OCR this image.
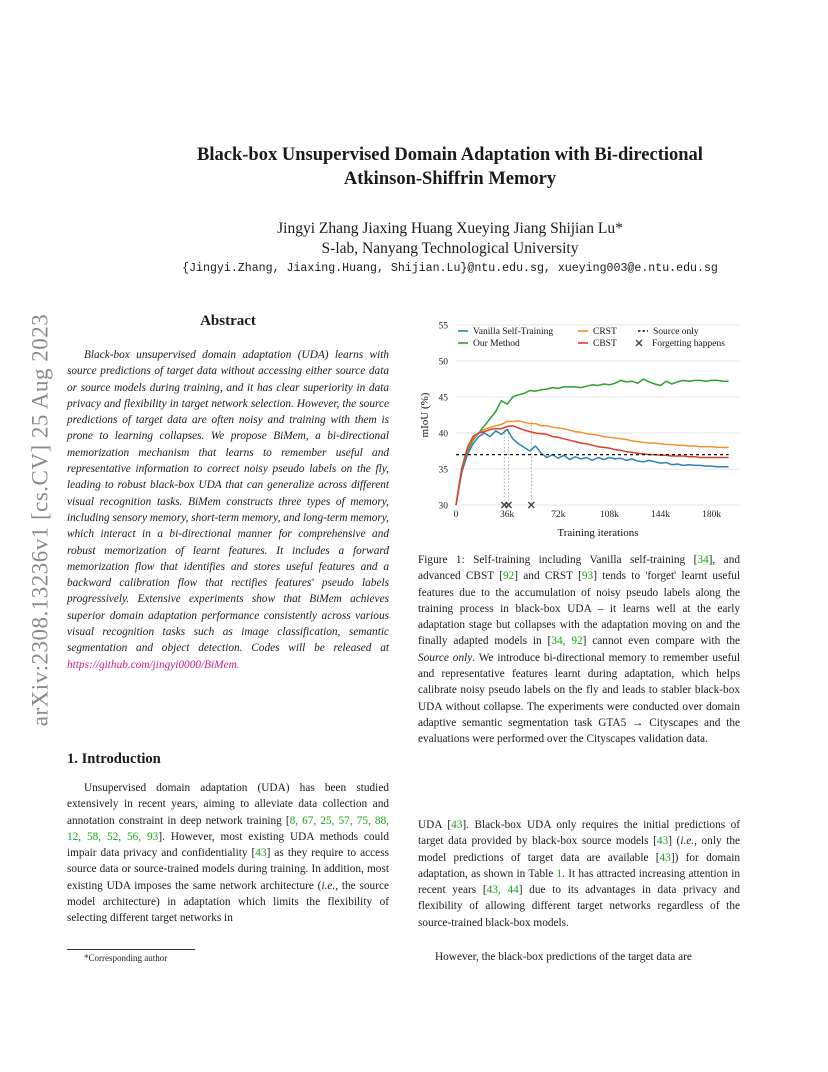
arXiv:2308.13236v1 [cs.CV] 25 Aug 2023
Black-box Unsupervised Domain Adaptation with Bi-directional
Atkinson-Shiffrin Memory
Jingyi Zhang Jiaxing Huang Xueying Jiang Shijian Lu*
S-lab, Nanyang Technological University
{Jingyi.Zhang, Jiaxing.Huang, Shijian.Lu}@ntu.edu.sg, xueying003@e.ntu.edu.sg
Abstract

Black-box unsupervised domain adaptation (UDA) learns with source predictions of target data without accessing either source data or source models during training, and it has clear superiority in data privacy and flexibility in target network selection. However, the source predictions of target data are often noisy and training with them is prone to learning collapses. We propose BiMem, a bi-directional memorization mechanism that learns to remember useful and representative information to correct noisy pseudo labels on the fly, leading to robust black-box UDA that can generalize across different visual recognition tasks. BiMem constructs three types of memory, including sensory memory, short-term memory, and long-term memory, which interact in a bi-directional manner for comprehensive and robust memorization of learnt features. It includes a forward memorization flow that identifies and stores useful features and a backward calibration flow that rectifies features' pseudo labels progressively. Extensive experiments show that BiMem achieves superior domain adaptation performance consistently across various visual recognition tasks such as image classification, semantic segmentation and object detection. Codes will be released at https://github.com/jingyi0000/BiMem.

1. Introduction

Unsupervised domain adaptation (UDA) has been studied extensively in recent years, aiming to alleviate data collection and annotation constraint in deep network training [8, 67, 25, 57, 75, 88, 12, 58, 52, 56, 93]. However, most existing UDA methods could impair data privacy and confidentiality [43] as they require to access source data or source-trained models during training. In addition, most existing UDA imposes the same network architecture (i.e., the source model architecture) in adaptation which limits the flexibility of selecting different target networks in

*Corresponding author
30
35
40
45
50
55
0	36k	72k	108k	144k	180k
Training iterations
mIoU (%)
Vanilla Self-Training	CRST	Source only
Our Method	CBST	Forgetting happens

Figure 1: Self-training including Vanilla self-training [34], and advanced CBST [92] and CRST [93] tends to 'forget' learnt useful features due to the accumulation of noisy pseudo labels along the training process in black-box UDA – it learns well at the early adaptation stage but collapses with the adaptation moving on and the finally adapted models in [34, 92] cannot even compare with the Source only. We introduce bi-directional memory to remember useful and representative features learnt during adaptation, which helps calibrate noisy pseudo labels on the fly and leads to stabler black-box UDA without collapse. The experiments were conducted over domain adaptive semantic segmentation task GTA5 → Cityscapes and the evaluations were performed over the Cityscapes validation data.

UDA [43]. Black-box UDA only requires the initial predictions of target data provided by black-box source models [43] (i.e., only the model predictions of target data are available [43]) for domain adaptation, as shown in Table 1. It has attracted increasing attention in recent years [43, 44] due to its advantages in data privacy and flexibility of allowing different target networks regardless of the source-trained black-box models.

However, the black-box predictions of the target data are
